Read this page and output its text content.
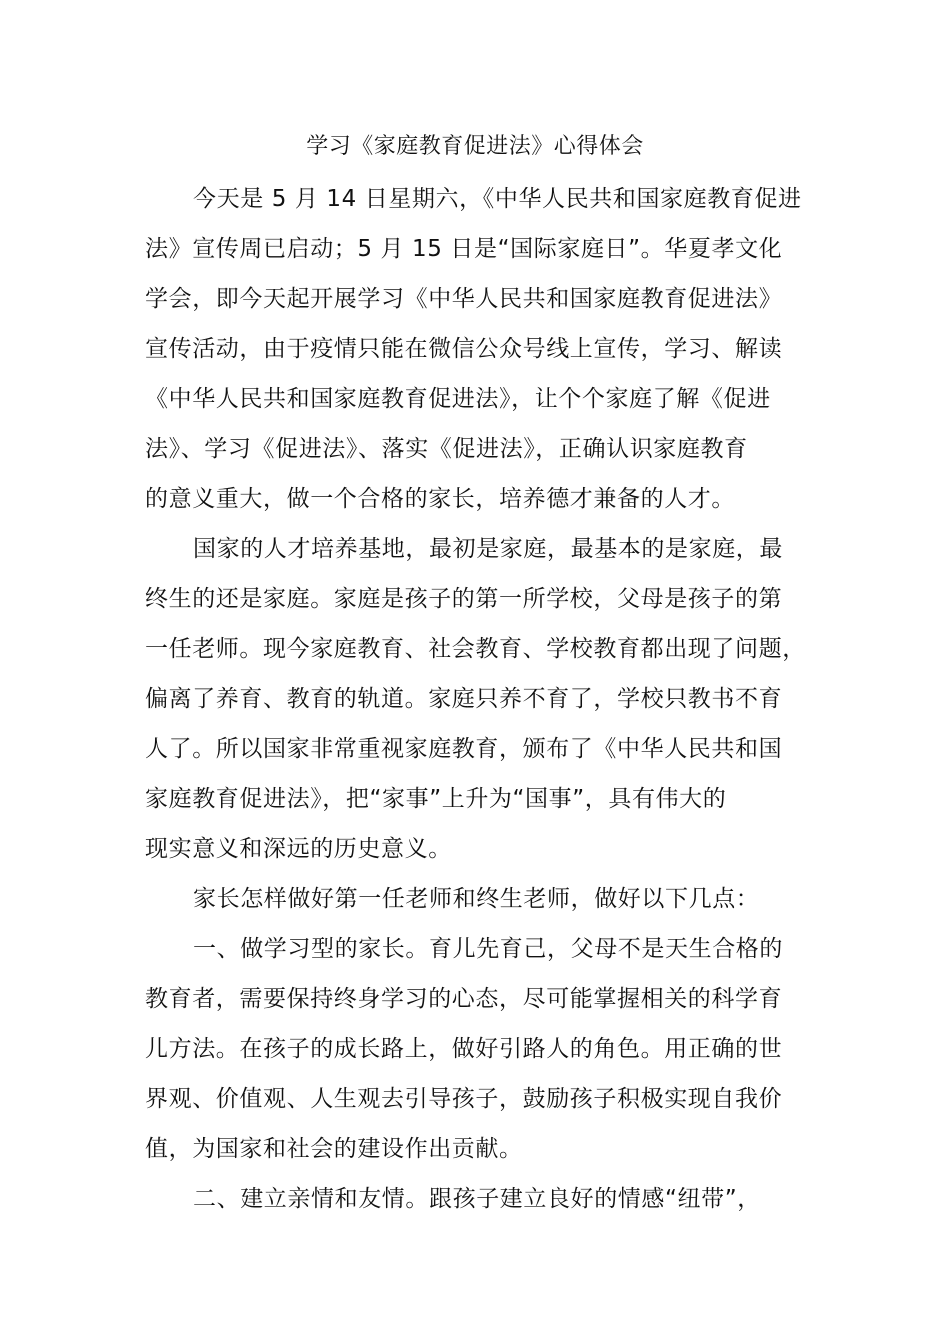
学习《家庭教育促进法》心得体会
今天是 5 月 14 日星期六，《中华人民共和国家庭教育促进
法》宣传周已启动；5 月 15 日是“国际家庭日”。华夏孝文化
学会，即今天起开展学习《中华人民共和国家庭教育促进法》
宣传活动，由于疫情只能在微信公众号线上宣传，学习、解读
《中华人民共和国家庭教育促进法》，让个个家庭了解《促进
法》、学习《促进法》、落实《促进法》，正确认识家庭教育
的意义重大，做一个合格的家长，培养德才兼备的人才。
国家的人才培养基地，最初是家庭，最基本的是家庭，最
终生的还是家庭。家庭是孩子的第一所学校，父母是孩子的第
一任老师。现今家庭教育、社会教育、学校教育都出现了问题，
偏离了养育、教育的轨道。家庭只养不育了，学校只教书不育
人了。所以国家非常重视家庭教育，颁布了《中华人民共和国
家庭教育促进法》，把“家事”上升为“国事”，具有伟大的
现实意义和深远的历史意义。
家长怎样做好第一任老师和终生老师，做好以下几点：
一、做学习型的家长。育儿先育己，父母不是天生合格的
教育者，需要保持终身学习的心态，尽可能掌握相关的科学育
儿方法。在孩子的成长路上，做好引路人的角色。用正确的世
界观、价值观、人生观去引导孩子，鼓励孩子积极实现自我价
值，为国家和社会的建设作出贡献。
二、建立亲情和友情。跟孩子建立良好的情感“纽带”，
